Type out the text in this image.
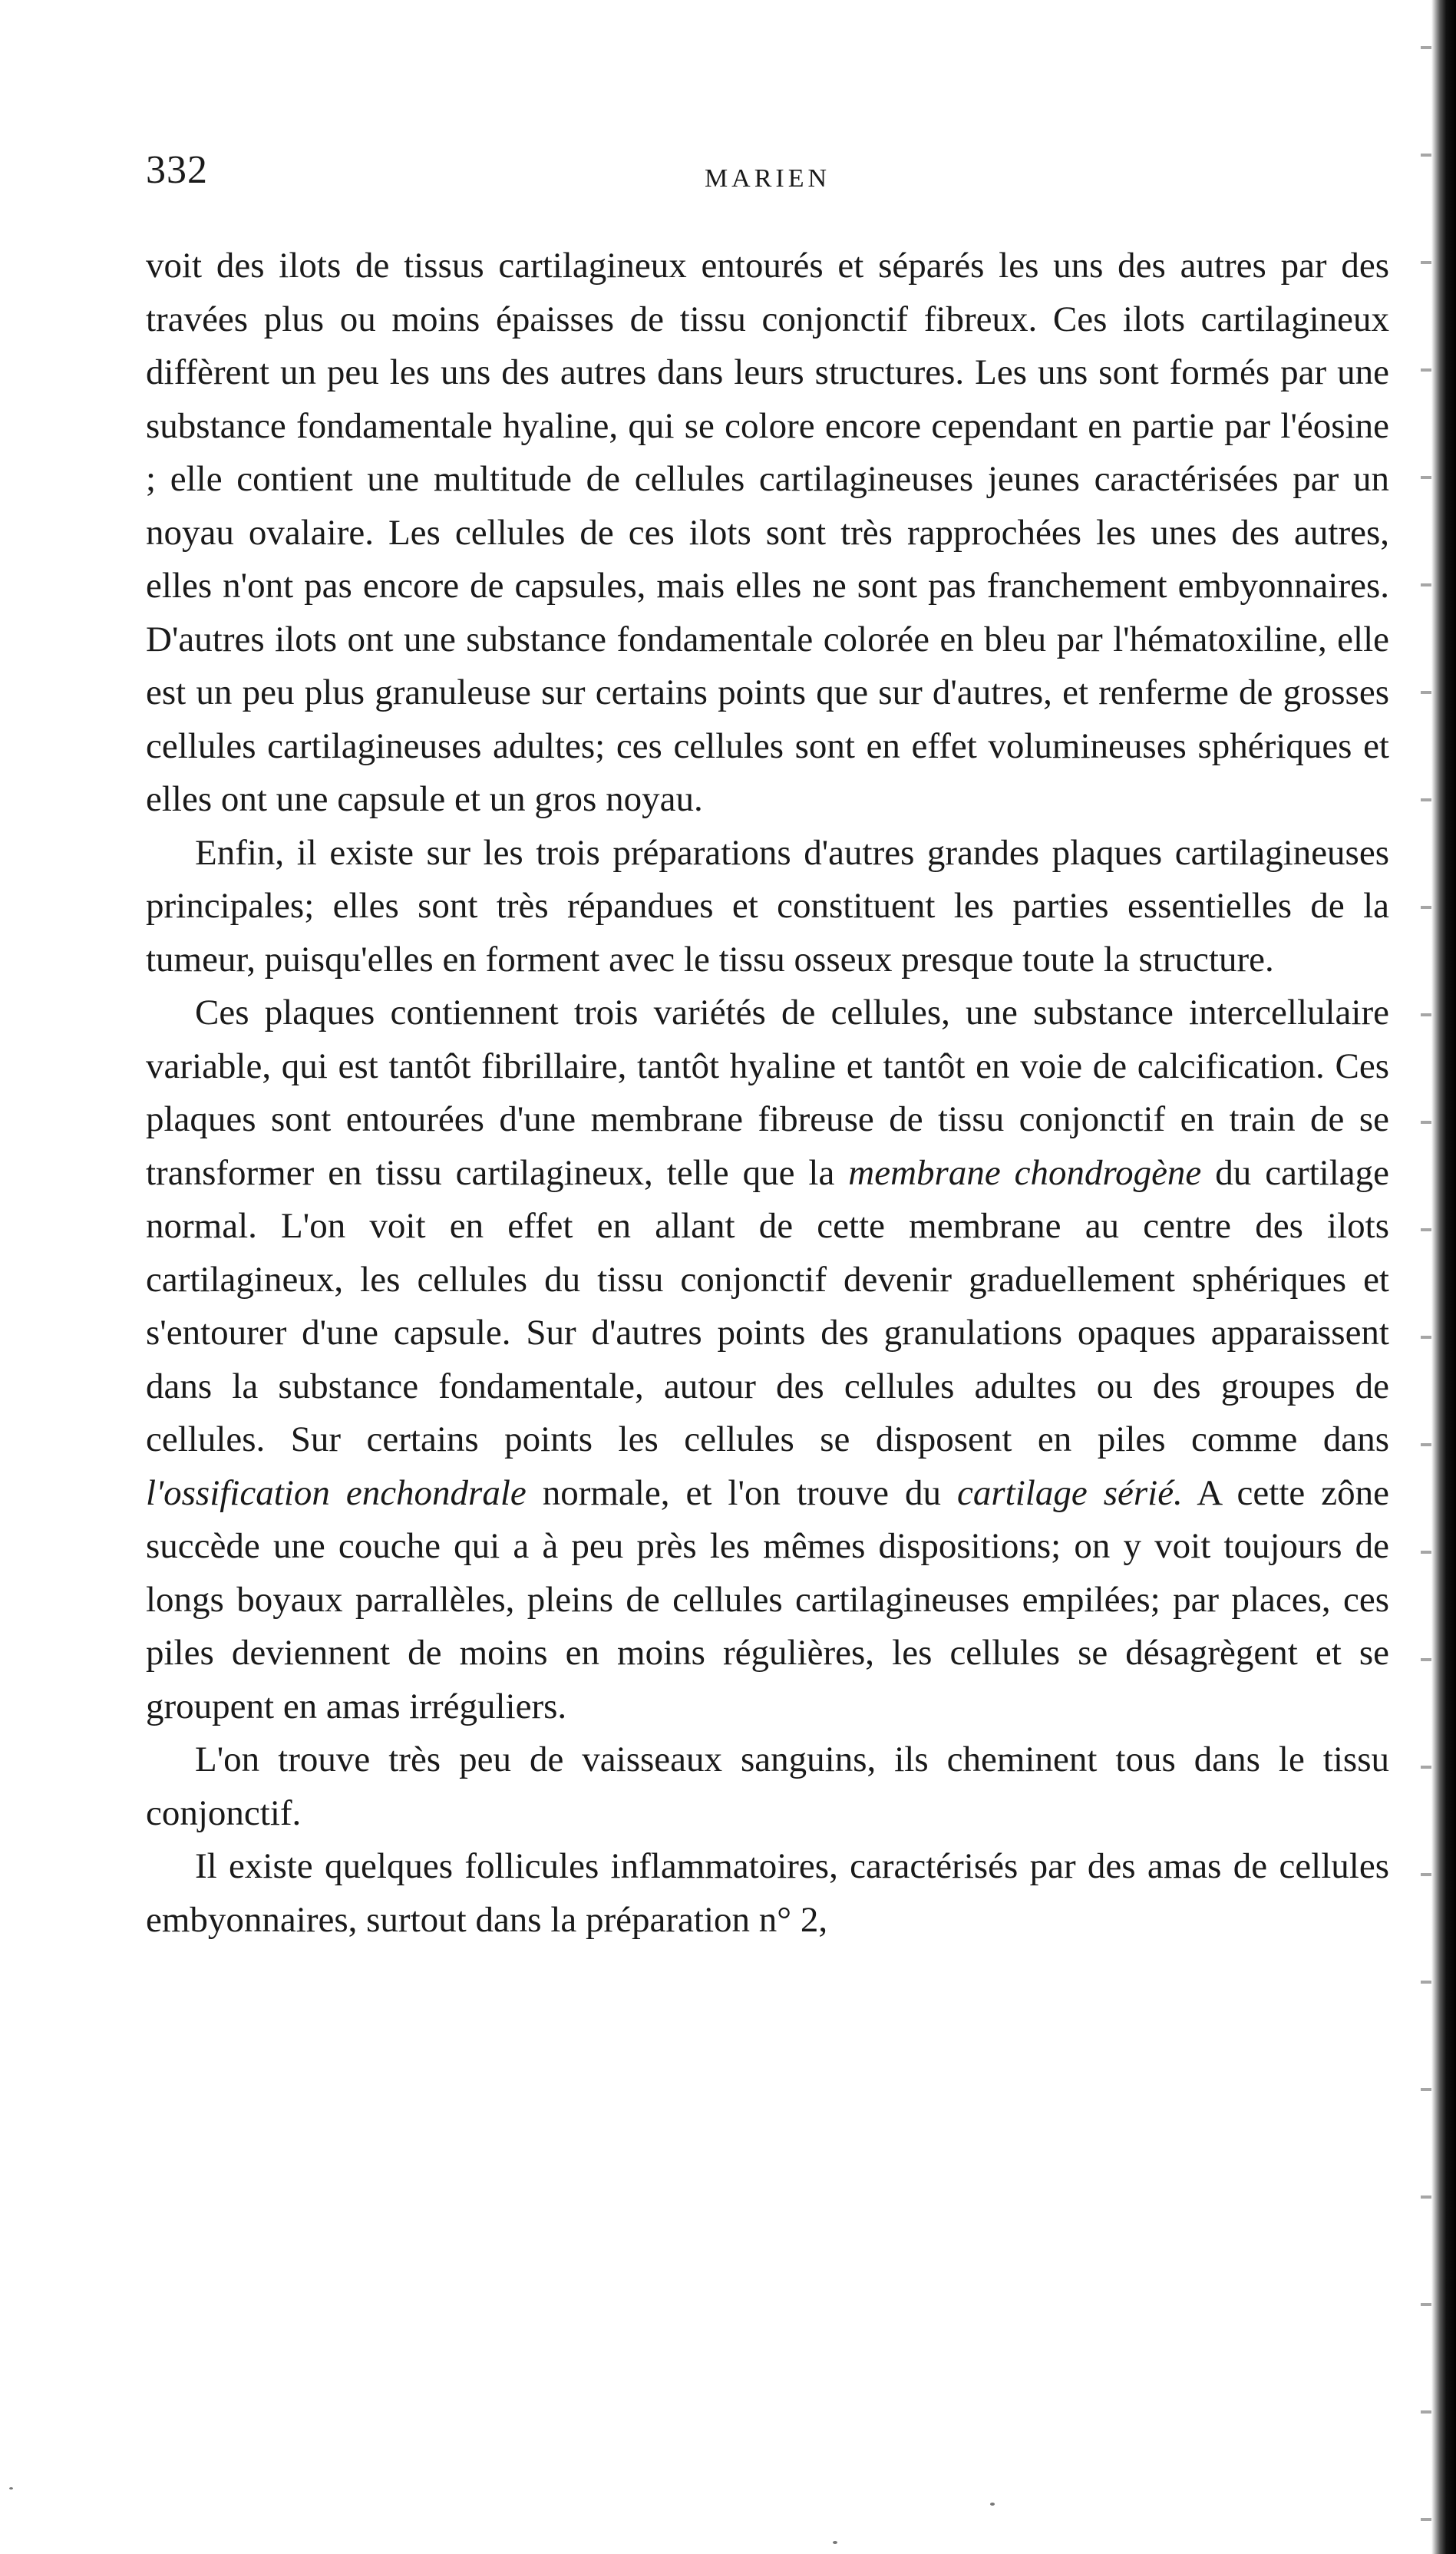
332	MARIEN

voit des ilots de tissus cartilagineux entourés et séparés les uns des autres par des travées plus ou moins épaisses de tissu conjonctif fibreux. Ces ilots cartilagineux diffèrent un peu les uns des autres dans leurs structures. Les uns sont formés par une substance fondamentale hyaline, qui se colore encore cependant en partie par l'éosine ; elle contient une multitude de cellules cartilagineuses jeunes caractérisées par un noyau ovalaire. Les cellules de ces ilots sont très rapprochées les unes des autres, elles n'ont pas encore de capsules, mais elles ne sont pas franchement embyonnaires. D'autres ilots ont une substance fondamentale colorée en bleu par l'hématoxiline, elle est un peu plus granuleuse sur certains points que sur d'autres, et renferme de grosses cellules cartilagineuses adultes; ces cellules sont en effet volumineuses sphériques et elles ont une capsule et un gros noyau.

Enfin, il existe sur les trois préparations d'autres grandes plaques cartilagineuses principales; elles sont très répandues et constituent les parties essentielles de la tumeur, puisqu'elles en forment avec le tissu osseux presque toute la structure.

Ces plaques contiennent trois variétés de cellules, une substance intercellulaire variable, qui est tantôt fibrillaire, tantôt hyaline et tantôt en voie de calcification. Ces plaques sont entourées d'une membrane fibreuse de tissu conjonctif en train de se transformer en tissu cartilagineux, telle que la membrane chondrogène du cartilage normal. L'on voit en effet en allant de cette membrane au centre des ilots cartilagineux, les cellules du tissu conjonctif devenir graduellement sphériques et s'entourer d'une capsule. Sur d'autres points des granulations opaques apparaissent dans la substance fondamentale, autour des cellules adultes ou des groupes de cellules. Sur certains points les cellules se disposent en piles comme dans l'ossification enchondrale normale, et l'on trouve du cartilage sérié. A cette zône succède une couche qui a à peu près les mêmes dispositions; on y voit toujours de longs boyaux parrallèles, pleins de cellules cartilagineuses empilées; par places, ces piles deviennent de moins en moins régulières, les cellules se désagrègent et se groupent en amas irréguliers.

L'on trouve très peu de vaisseaux sanguins, ils cheminent tous dans le tissu conjonctif.

Il existe quelques follicules inflammatoires, caractérisés par des amas de cellules embyonnaires, surtout dans la préparation n° 2,
